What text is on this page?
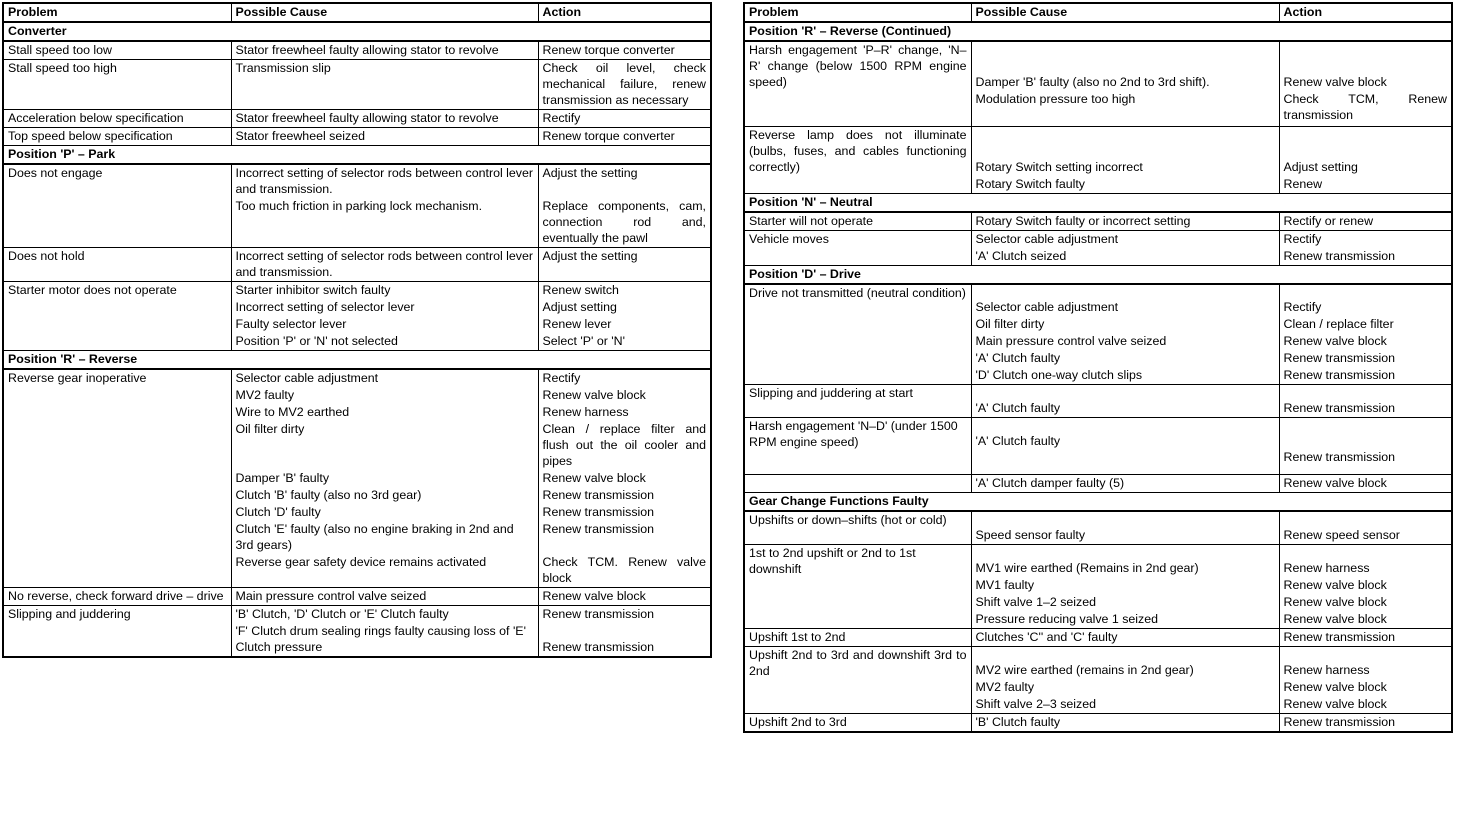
Problem	Possible Cause	Action
Converter		
Stall speed too low	Stator freewheel faulty allowing stator to revolve	Renew torque converter
Stall speed too high	Transmission slip	Check oil level, check mechanical failure, renew transmission as necessary
Acceleration below specification	Stator freewheel faulty allowing stator to revolve	Rectify
Top speed below specification	Stator freewheel seized	Renew torque converter
Position 'P' – Park		
Does not engage	Incorrect setting of selector rods between control lever and transmission.	Adjust the setting
	Too much friction in parking lock mechanism.	Replace components, cam, connection rod and, eventually the pawl
Does not hold	Incorrect setting of selector rods between control lever and transmission.	Adjust the setting
Starter motor does not operate	Starter inhibitor switch faulty	Renew switch
	Incorrect setting of selector lever	Adjust setting
	Faulty selector lever	Renew lever
	Position 'P' or 'N' not selected	Select 'P' or 'N'
Position 'R' – Reverse		
Reverse gear inoperative	Selector cable adjustment	Rectify
	MV2 faulty	Renew valve block
	Wire to MV2 earthed	Renew harness
	Oil filter dirty	Clean / replace filter and flush out the oil cooler and pipes
	Damper 'B' faulty	Renew valve block
	Clutch 'B' faulty (also no 3rd gear)	Renew transmission
	Clutch 'D' faulty	Renew transmission
	Clutch 'E' faulty (also no engine braking in 2nd and 3rd gears)	Renew transmission
	Reverse gear safety device remains activated	Check TCM. Renew valve block
No reverse, check forward drive – drive	Main pressure control valve seized	Renew valve block
Slipping and juddering	'B' Clutch, 'D' Clutch or 'E' Clutch faulty	Renew transmission
	'F' Clutch drum sealing rings faulty causing loss of 'E' Clutch pressure	Renew transmission
Problem	Possible Cause	Action
Position 'R' – Reverse (Continued)		
Harsh engagement 'P–R' change, 'N–R' change (below 1500 RPM engine speed)	Damper 'B' faulty (also no 2nd to 3rd shift).	Renew valve block
	Modulation pressure too high	Check TCM, Renew transmission
Reverse lamp does not illuminate (bulbs, fuses, and cables functioning correctly)	Rotary Switch setting incorrect	Adjust setting
	Rotary Switch faulty	Renew
Position 'N' – Neutral		
Starter will not operate	Rotary Switch faulty or incorrect setting	Rectify or renew
Vehicle moves	Selector cable adjustment	Rectify
	'A' Clutch seized	Renew transmission
Position 'D' – Drive		
Drive not transmitted (neutral condition)	Selector cable adjustment	Rectify
	Oil filter dirty	Clean / replace filter
	Main pressure control valve seized	Renew valve block
	'A' Clutch faulty	Renew transmission
	'D' Clutch one-way clutch slips	Renew transmission
Slipping and juddering at start	'A' Clutch faulty	Renew transmission
Harsh engagement 'N–D' (under 1500 RPM engine speed)	'A' Clutch faulty	Renew transmission
	'A' Clutch damper faulty (5)	Renew valve block
Gear Change Functions Faulty		
Upshifts or down–shifts (hot or cold)	Speed sensor faulty	Renew speed sensor
1st to 2nd upshift or 2nd to 1st downshift	MV1 wire earthed (Remains in 2nd gear)	Renew harness
	MV1 faulty	Renew valve block
	Shift valve 1–2 seized	Renew valve block
	Pressure reducing valve 1 seized	Renew valve block
Upshift 1st to 2nd	Clutches 'C'' and 'C' faulty	Renew transmission
Upshift 2nd to 3rd and downshift 3rd to 2nd	MV2 wire earthed (remains in 2nd gear)	Renew harness
	MV2 faulty	Renew valve block
	Shift valve 2–3 seized	Renew valve block
Upshift 2nd to 3rd	'B' Clutch faulty	Renew transmission
